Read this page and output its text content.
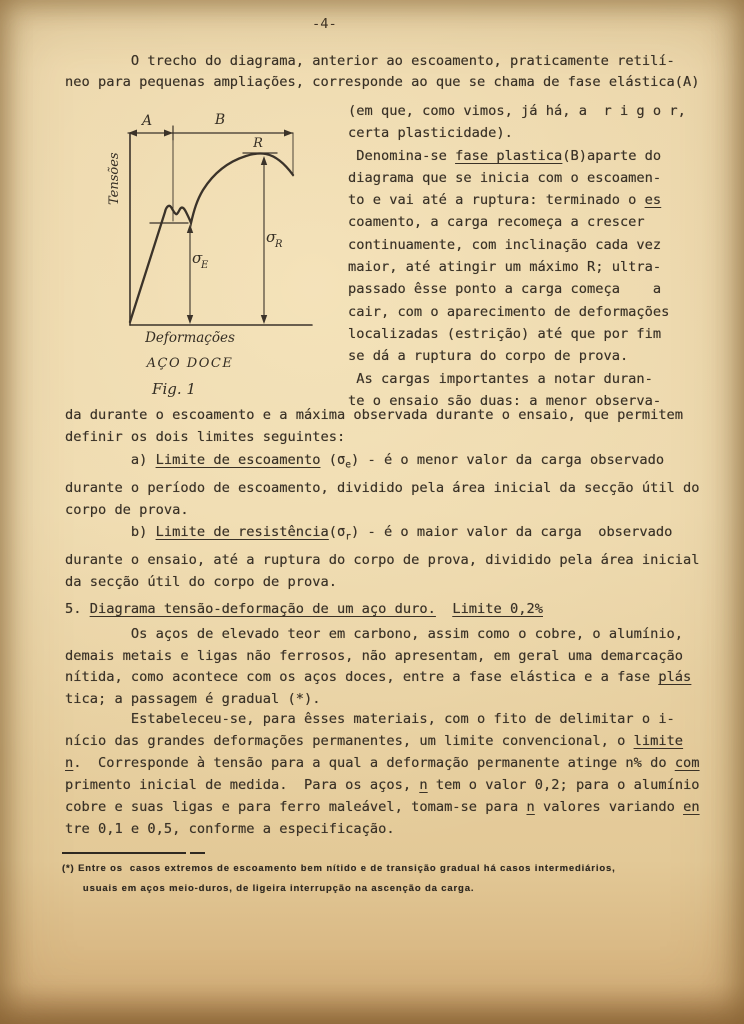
-4-
O trecho do diagrama, anterior ao escoamento, praticamente retilí-
neo para pequenas ampliações, corresponde ao que se chama de fase elástica(A)
A	B
R
σ
E
σ
R
Tensões
Deformações
AÇO DOCE
Fig. 1
(em que, como vimos, já há, a  r i g o r,
certa plasticidade).
Denomina-se fase plastica(B)aparte do
diagrama que se inicia com o escoamen-
to e vai até a ruptura: terminado o es
coamento, a carga recomeça a crescer
continuamente, com inclinação cada vez
maior, até atingir um máximo R; ultra-
passado êsse ponto a carga começa    a
cair, com o aparecimento de deformações
localizadas (estrição) até que por fim
se dá a ruptura do corpo de prova.
As cargas importantes a notar duran-
te o ensaio são duas: a menor observa-
da durante o escoamento e a máxima observada durante o ensaio, que permitem
definir os dois limites seguintes:
a) Limite de escoamento $(\sigma_e)$ - é o menor valor da carga observado
durante o período de escoamento, dividido pela área inicial da secção útil do
corpo de prova.
b) Limite de $resistência(\sigma_r)$ - é o maior valor da carga  observado
durante o ensaio, até a ruptura do corpo de prova, dividido pela área inicial
da secção útil do corpo de prova.
5. Diagrama tensão-deformação de um aço duro. Limite 0,2%
Os aços de elevado teor em carbono, assim como o cobre, o alumínio,
demais metais e ligas não ferrosos, não apresentam, em geral uma demarcação
nítida, como acontece com os aços doces, entre a fase elástica e a fase plás
tica; a passagem é gradual (*).
Estabeleceu-se, para êsses materiais, com o fito de delimitar o i-
nício das grandes deformações permanentes, um limite convencional, o limite
n.  Corresponde à tensão para a qual a deformação permanente atinge n% do com
primento inicial de medida.  Para os aços, n tem o valor 0,2; para o alumínio
cobre e suas ligas e para ferro maleável, tomam-se para n valores variando en
tre 0,1 e 0,5, conforme a especificação.
(*) Entre os  casos extremos de escoamento bem nítido e de transição gradual há casos intermediários,
usuais em aços meio-duros, de ligeira interrupção na ascenção da carga.
